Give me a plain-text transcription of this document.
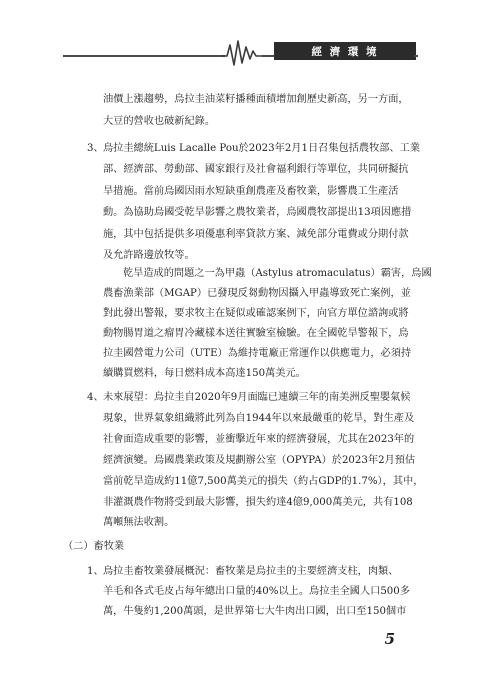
經 濟 環 境
油價上漲趨勢，烏拉圭油菜籽播種面積增加創歷史新高，另一方面，
大豆的營收也破新紀錄。
3、 烏拉圭總統Luis Lacalle Pou於2023年2月1日召集包括農牧部、工業
部、經濟部、勞動部、國家銀行及社會福利銀行等單位，共同研擬抗
旱措施。當前烏國因雨水短缺重創農產及畜牧業，影響農工生產活
動。為協助烏國受乾旱影響之農牧業者，烏國農牧部提出13項因應措
施，其中包括提供多項優惠利率貸款方案、減免部分電費或分期付款
及允許路邊放牧等。
乾旱造成的問題之一為甲蟲（Astylus atromaculatus）霸害，烏國
農畜漁業部（MGAP）已發現反芻動物因攝入甲蟲導致死亡案例，並
對此發出警報，要求牧主在疑似或確認案例下，向官方單位諮詢或將
動物腸胃道之瘤胃冷藏樣本送往實驗室檢驗。在全國乾旱警報下，烏
拉圭國營電力公司（UTE）為維持電廠正常運作以供應電力，必須持
續購買燃料，每日燃料成本高達150萬美元。
4、 未來展望：烏拉圭自2020年9月面臨已連續三年的南美洲反聖嬰氣候
現象，世界氣象組織將此列為自1944年以來最嚴重的乾旱，對生產及
社會面造成重要的影響，並衝擊近年來的經濟發展，尤其在2023年的
經濟演變。烏國農業政策及規劃辦公室（OPYPA）於2023年2月預估
當前乾旱造成約11億7,500萬美元的損失（約占GDP的1.7%），其中，
非灌溉農作物將受到最大影響，損失約達4億9,000萬美元，共有108
萬噸無法收割。
（二）畜牧業
1、 烏拉圭畜牧業發展概況：畜牧業是烏拉圭的主要經濟支柱，肉類、
羊毛和各式毛皮占每年總出口量的40%以上。烏拉圭全國人口500多
萬，牛隻約1,200萬頭，是世界第七大牛肉出口國，出口至150個市
5
